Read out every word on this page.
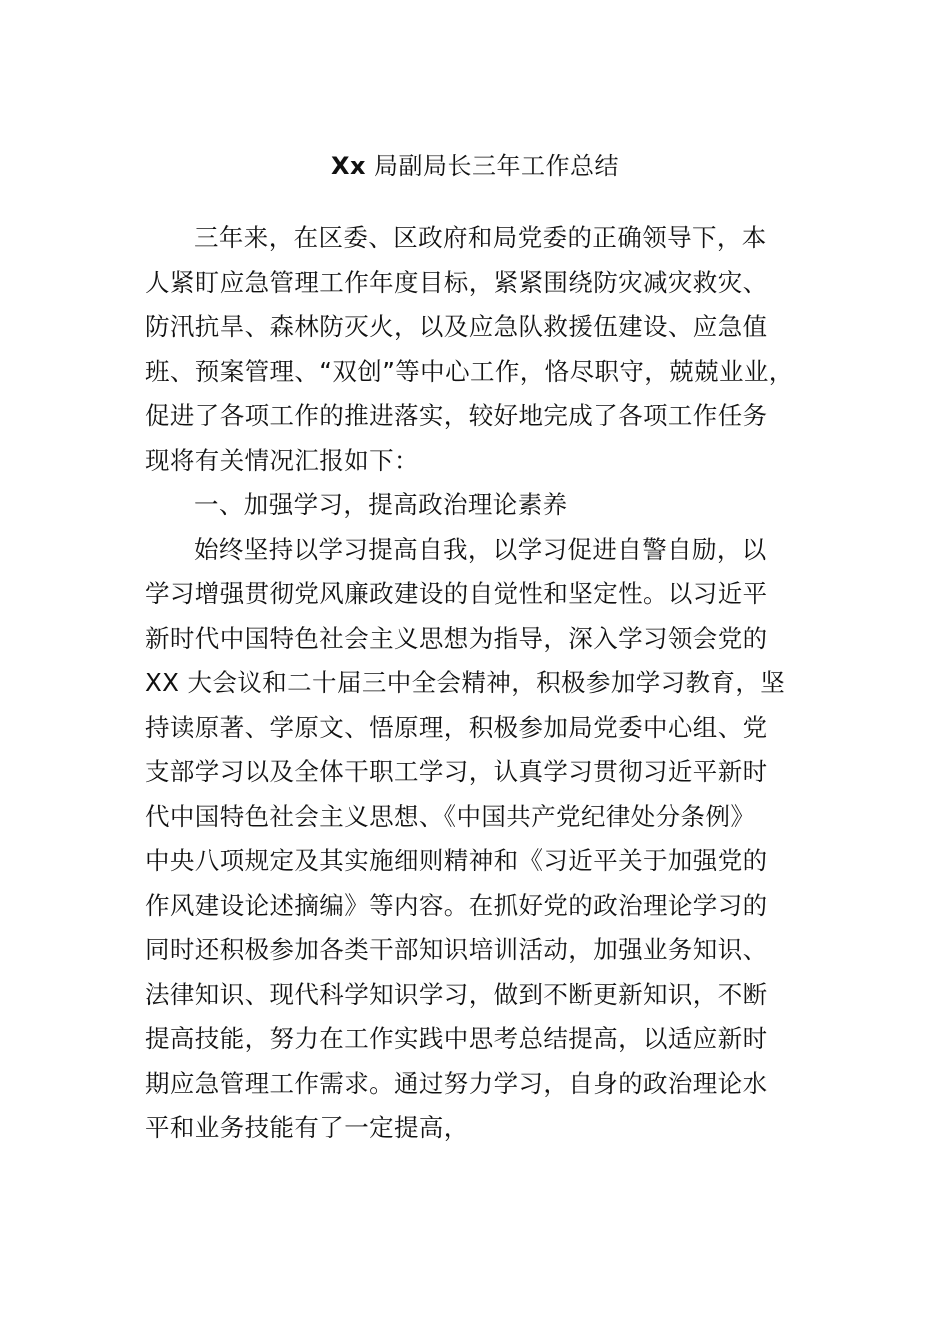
Xx 局副局长三年工作总结
三年来，在区委、区政府和局党委的正确领导下，本
人紧盯应急管理工作年度目标，紧紧围绕防灾减灾救灾、
防汛抗旱、森林防灭火，以及应急队救援伍建设、应急值
班、预案管理、“双创”等中心工作，恪尽职守，兢兢业业，
促进了各项工作的推进落实，较好地完成了各项工作任务
现将有关情况汇报如下：
一、加强学习，提高政治理论素养
始终坚持以学习提高自我，以学习促进自警自励，以
学习增强贯彻党风廉政建设的自觉性和坚定性。以习近平
新时代中国特色社会主义思想为指导，深入学习领会党的
XX 大会议和二十届三中全会精神，积极参加学习教育，坚
持读原著、学原文、悟原理，积极参加局党委中心组、党
支部学习以及全体干职工学习，认真学习贯彻习近平新时
代中国特色社会主义思想、《中国共产党纪律处分条例》
中央八项规定及其实施细则精神和《习近平关于加强党的
作风建设论述摘编》等内容。在抓好党的政治理论学习的
同时还积极参加各类干部知识培训活动，加强业务知识、
法律知识、现代科学知识学习，做到不断更新知识，不断
提高技能，努力在工作实践中思考总结提高，以适应新时
期应急管理工作需求。通过努力学习，自身的政治理论水
平和业务技能有了一定提高，
